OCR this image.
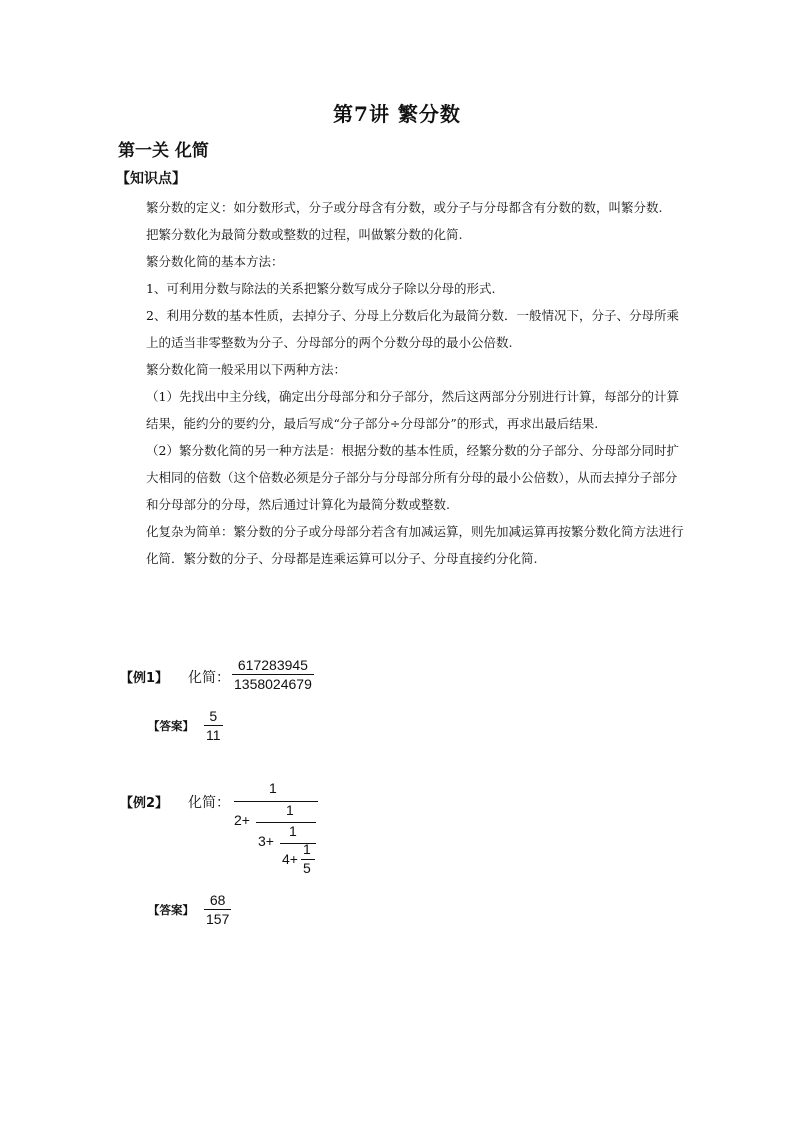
第7讲 繁分数
第一关 化简
【知识点】

繁分数的定义：如分数形式，分子或分母含有分数，或分子与分母都含有分数的数，叫繁分数.

把繁分数化为最简分数或整数的过程，叫做繁分数的化简.

繁分数化简的基本方法：

1、可利用分数与除法的关系把繁分数写成分子除以分母的形式.

2、利用分数的基本性质，去掉分子、分母上分数后化为最简分数．一般情况下，分子、分母所乘上的适当非零整数为分子、分母部分的两个分数分母的最小公倍数.

繁分数化简一般采用以下两种方法：

（1）先找出中主分线，确定出分母部分和分子部分，然后这两部分分别进行计算，每部分的计算结果，能约分的要约分，最后写成“分子部分÷分母部分”的形式，再求出最后结果.

（2）繁分数化简的另一种方法是：根据分数的基本性质，经繁分数的分子部分、分母部分同时扩大相同的倍数（这个倍数必须是分子部分与分母部分所有分母的最小公倍数），从而去掉分子部分和分母部分的分母，然后通过计算化为最简分数或整数.

化复杂为简单：繁分数的分子或分母部分若含有加减运算，则先加减运算再按繁分数化简方法进行化简．繁分数的分子、分母都是连乘运算可以分子、分母直接约分化简.

【例1】 化简： $\frac{617283945}{1358024679}$
【答案】 $\frac{5}{11}$
【例2】 化简：
1
1
2+
1
3+ 1
4+
5
【答案】 $\frac{68}{157}$
